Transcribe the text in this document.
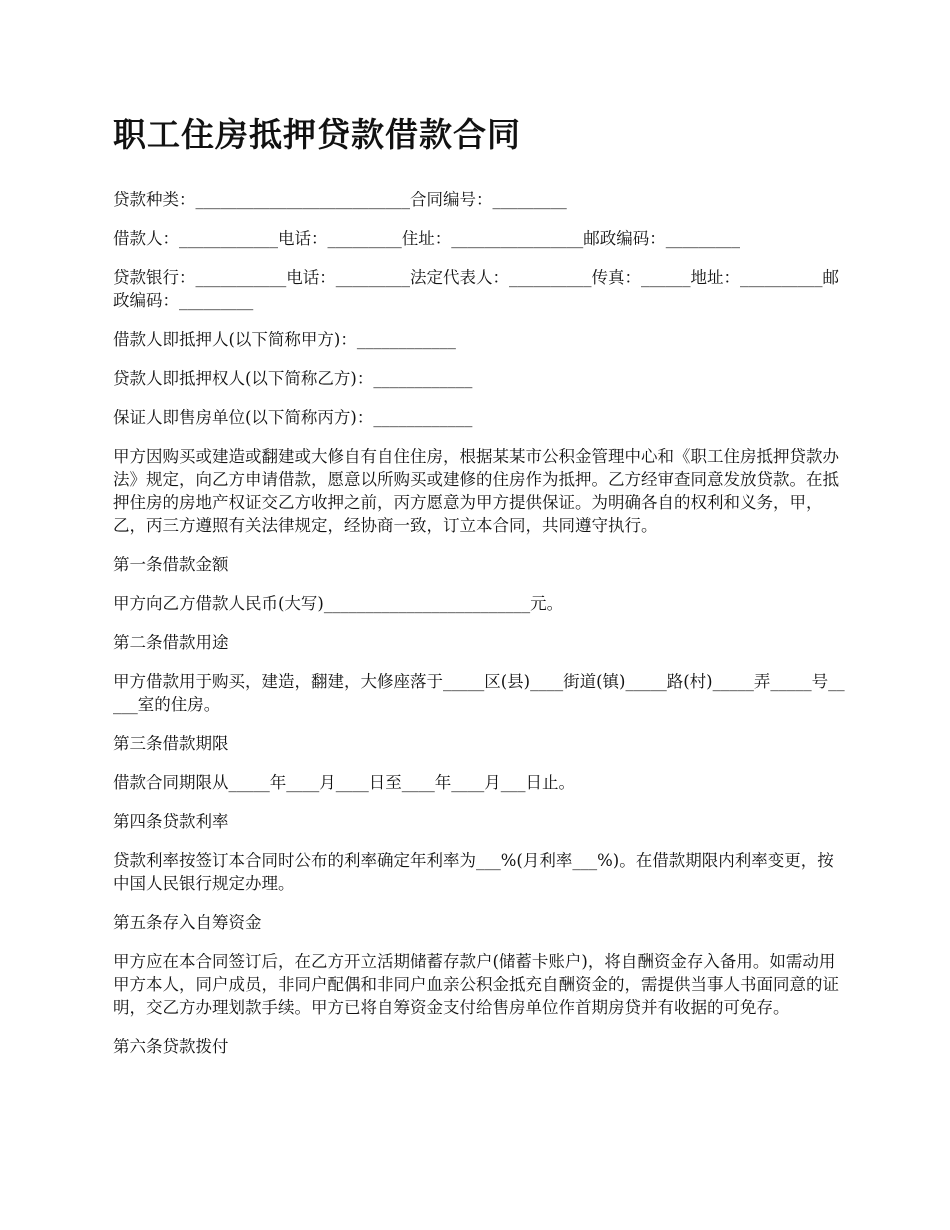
职工住房抵押贷款借款合同

贷款种类：__________________________合同编号：_________

借款人：____________电话：_________住址：________________邮政编码：_________

贷款银行：___________电话：_________法定代表人：__________传真：______地址：__________邮政编码：_________

借款人即抵押人(以下简称甲方)：____________

贷款人即抵押权人(以下简称乙方)：____________

保证人即售房单位(以下简称丙方)：____________

甲方因购买或建造或翻建或大修自有自住住房，根据某某市公积金管理中心和《职工住房抵押贷款办法》规定，向乙方申请借款，愿意以所购买或建修的住房作为抵押。乙方经审查同意发放贷款。在抵押住房的房地产权证交乙方收押之前，丙方愿意为甲方提供保证。为明确各自的权利和义务，甲，乙，丙三方遵照有关法律规定，经协商一致，订立本合同，共同遵守执行。

第一条借款金额

甲方向乙方借款人民币(大写)_________________________元。

第二条借款用途

甲方借款用于购买，建造，翻建，大修座落于_____区(县)____街道(镇)_____路(村)_____弄_____号_____室的住房。

第三条借款期限

借款合同期限从_____年____月____日至____年____月___日止。

第四条贷款利率

贷款利率按签订本合同时公布的利率确定年利率为___%(月利率___%)。在借款期限内利率变更，按中国人民银行规定办理。

第五条存入自筹资金

甲方应在本合同签订后，在乙方开立活期储蓄存款户(储蓄卡账户)，将自酬资金存入备用。如需动用甲方本人，同户成员，非同户配偶和非同户血亲公积金抵充自酬资金的，需提供当事人书面同意的证明，交乙方办理划款手续。甲方已将自筹资金支付给售房单位作首期房贷并有收据的可免存。

第六条贷款拨付
